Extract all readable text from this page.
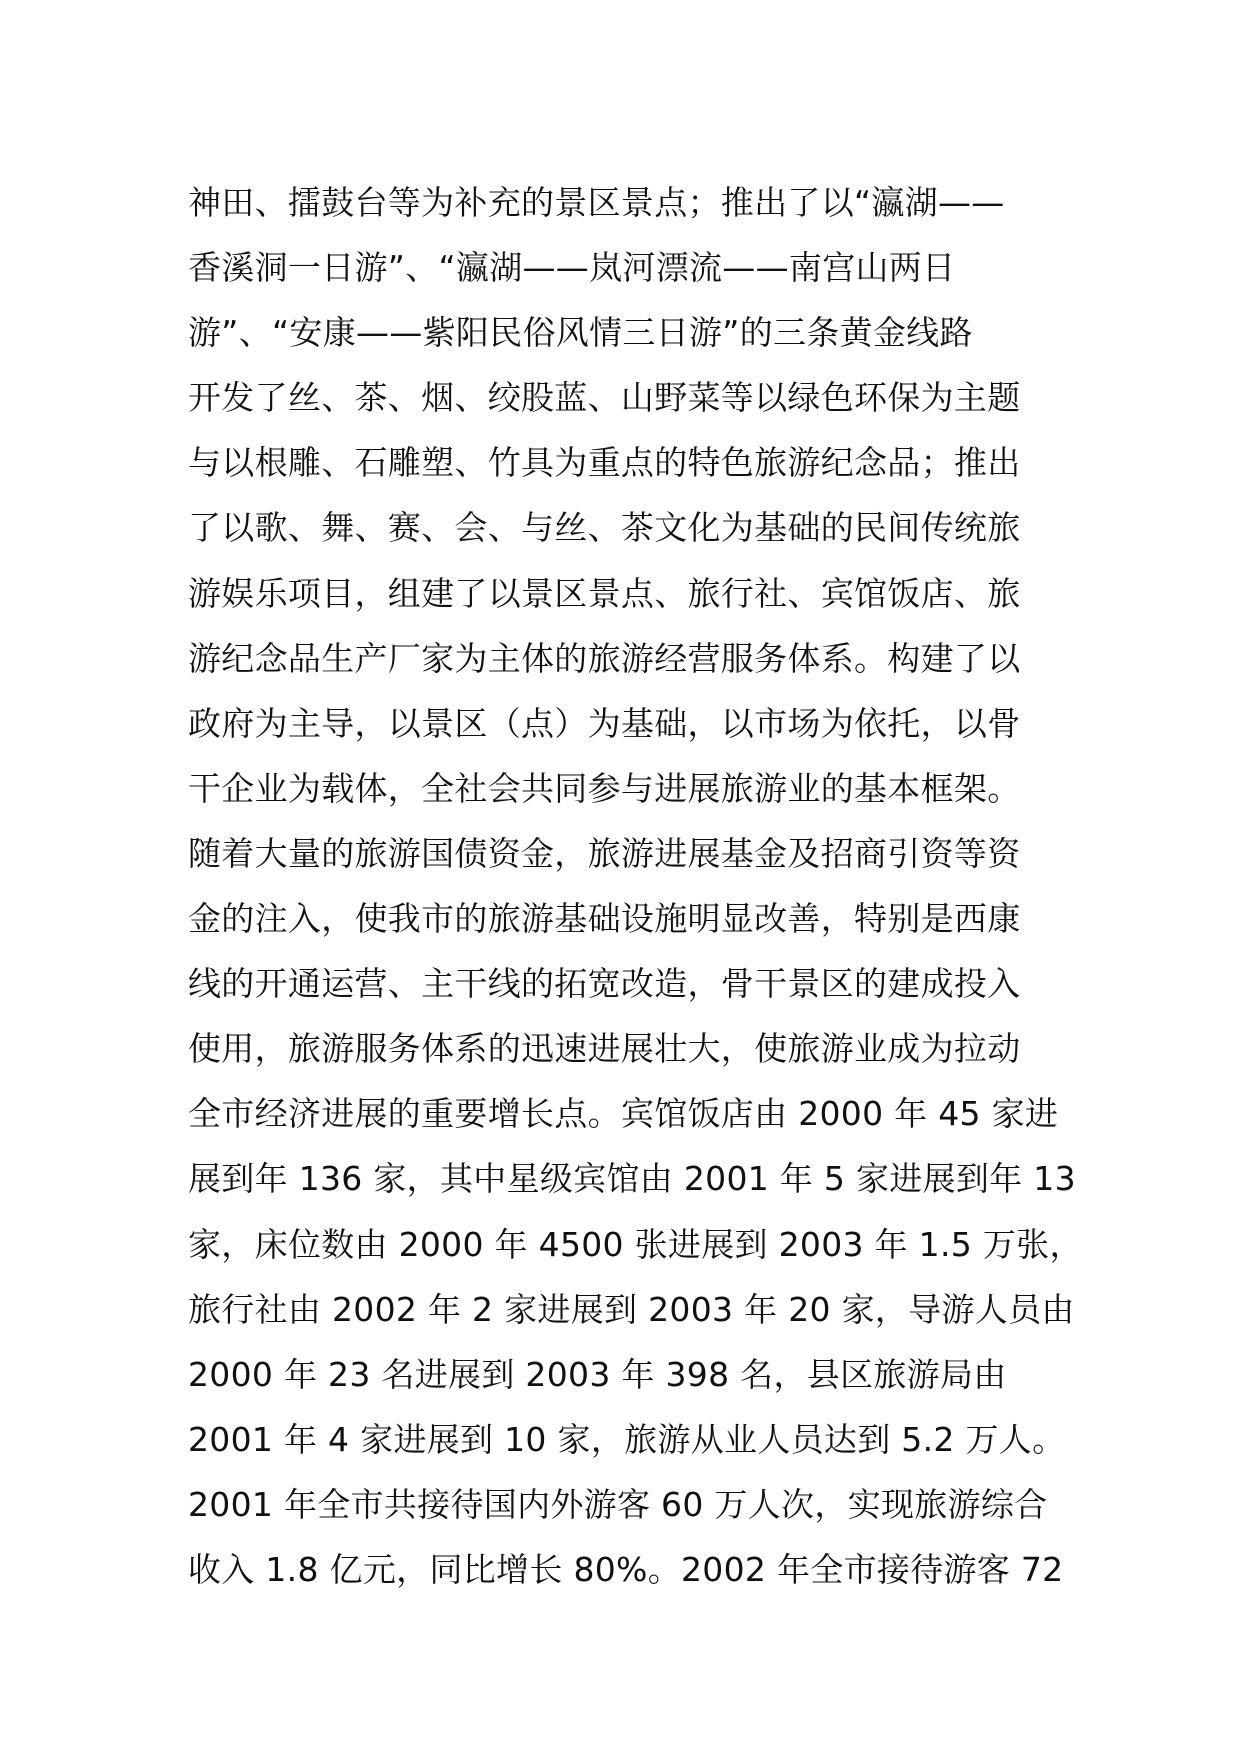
神田、擂鼓台等为补充的景区景点；推出了以“瀛湖——
香溪洞一日游”、“瀛湖——岚河漂流——南宫山两日
游”、“安康——紫阳民俗风情三日游”的三条黄金线路
开发了丝、茶、烟、绞股蓝、山野菜等以绿色环保为主题
与以根雕、石雕塑、竹具为重点的特色旅游纪念品；推出
了以歌、舞、赛、会、与丝、茶文化为基础的民间传统旅
游娱乐项目，组建了以景区景点、旅行社、宾馆饭店、旅
游纪念品生产厂家为主体的旅游经营服务体系。构建了以
政府为主导，以景区（点）为基础，以市场为依托，以骨
干企业为载体，全社会共同参与进展旅游业的基本框架。
随着大量的旅游国债资金，旅游进展基金及招商引资等资
金的注入，使我市的旅游基础设施明显改善，特别是西康
线的开通运营、主干线的拓宽改造，骨干景区的建成投入
使用，旅游服务体系的迅速进展壮大，使旅游业成为拉动
全市经济进展的重要增长点。宾馆饭店由 2000 年 45 家进
展到年 136 家，其中星级宾馆由 2001 年 5 家进展到年 13
家，床位数由 2000 年 4500 张进展到 2003 年 1.5 万张，
旅行社由 2002 年 2 家进展到 2003 年 20 家，导游人员由
2000 年 23 名进展到 2003 年 398 名，县区旅游局由
2001 年 4 家进展到 10 家，旅游从业人员达到 5.2 万人。
2001 年全市共接待国内外游客 60 万人次，实现旅游综合
收入 1.8 亿元，同比增长 80%。2002 年全市接待游客 72
